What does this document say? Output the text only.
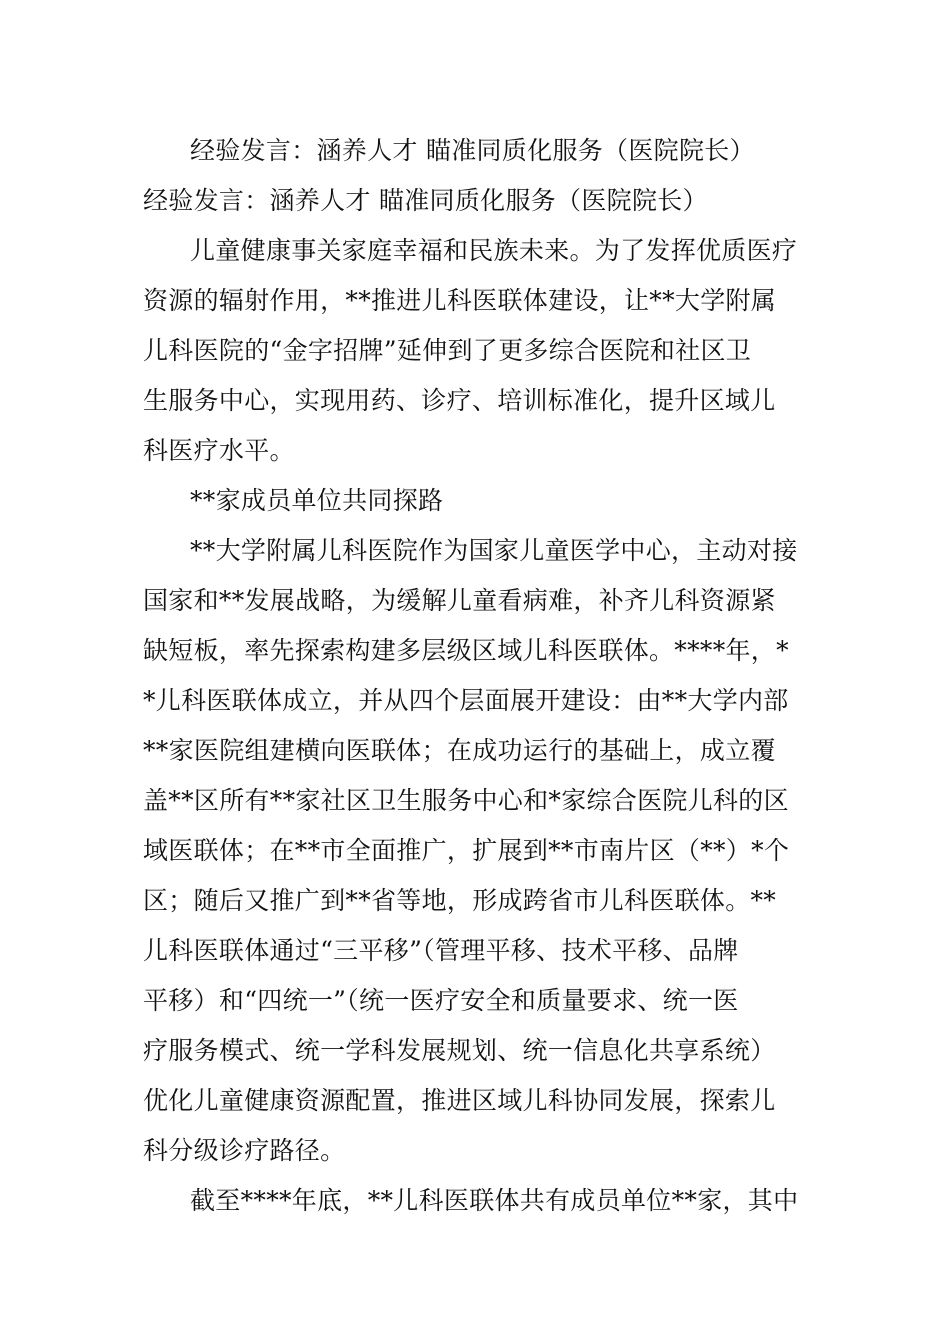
经验发言：涵养人才 瞄准同质化服务（医院院长）
经验发言：涵养人才 瞄准同质化服务（医院院长）
儿童健康事关家庭幸福和民族未来。为了发挥优质医疗
资源的辐射作用，**推进儿科医联体建设，让**大学附属
儿科医院的“金字招牌”延伸到了更多综合医院和社区卫
生服务中心，实现用药、诊疗、培训标准化，提升区域儿
科医疗水平。
**家成员单位共同探路
**大学附属儿科医院作为国家儿童医学中心，主动对接
国家和**发展战略，为缓解儿童看病难，补齐儿科资源紧
缺短板，率先探索构建多层级区域儿科医联体。****年，*
*儿科医联体成立，并从四个层面展开建设：由**大学内部
**家医院组建横向医联体；在成功运行的基础上，成立覆
盖**区所有**家社区卫生服务中心和*家综合医院儿科的区
域医联体；在**市全面推广，扩展到**市南片区（**）*个
区；随后又推广到**省等地，形成跨省市儿科医联体。**
儿科医联体通过“三平移”（管理平移、技术平移、品牌
平移）和“四统一”（统一医疗安全和质量要求、统一医
疗服务模式、统一学科发展规划、统一信息化共享系统）
优化儿童健康资源配置，推进区域儿科协同发展，探索儿
科分级诊疗路径。
截至****年底，**儿科医联体共有成员单位**家，其中
